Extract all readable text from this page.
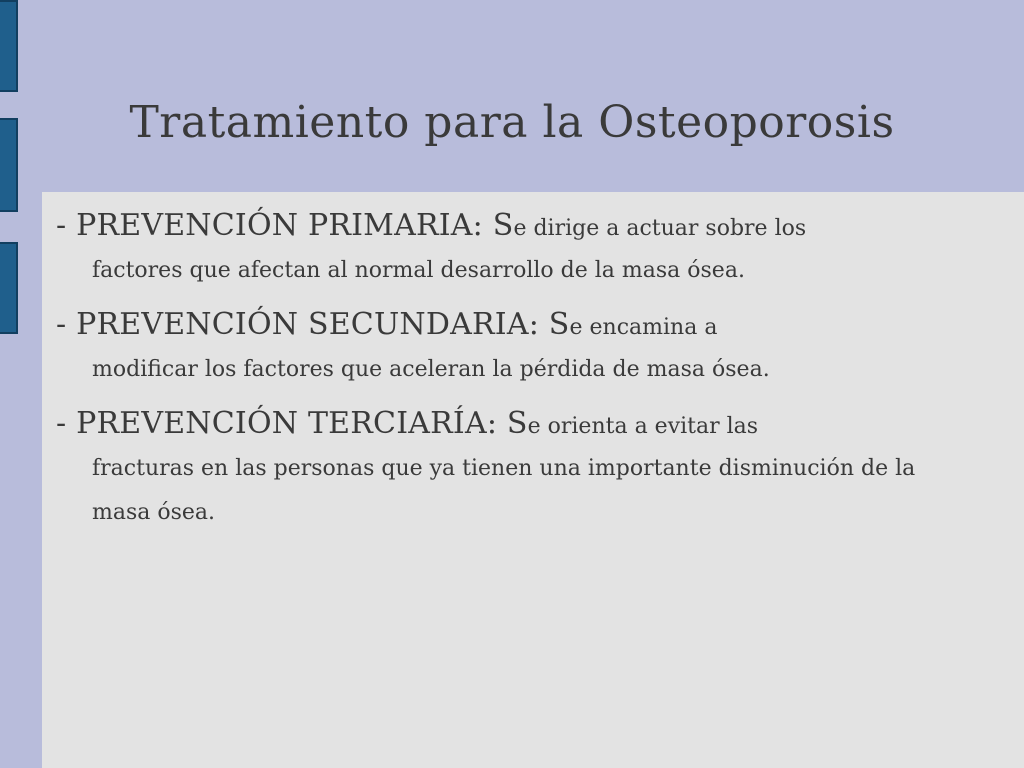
Tratamiento para la Osteoporosis
- PREVENCIÓN PRIMARIA: Se dirige a actuar sobre los
factores que afectan al normal desarrollo de la masa ósea.
- PREVENCIÓN SECUNDARIA: Se encamina a
modificar los factores que aceleran la pérdida de masa ósea.
- PREVENCIÓN TERCIARÍA: Se orienta a evitar las
fracturas en las personas que ya tienen una importante disminución de la masa ósea.
